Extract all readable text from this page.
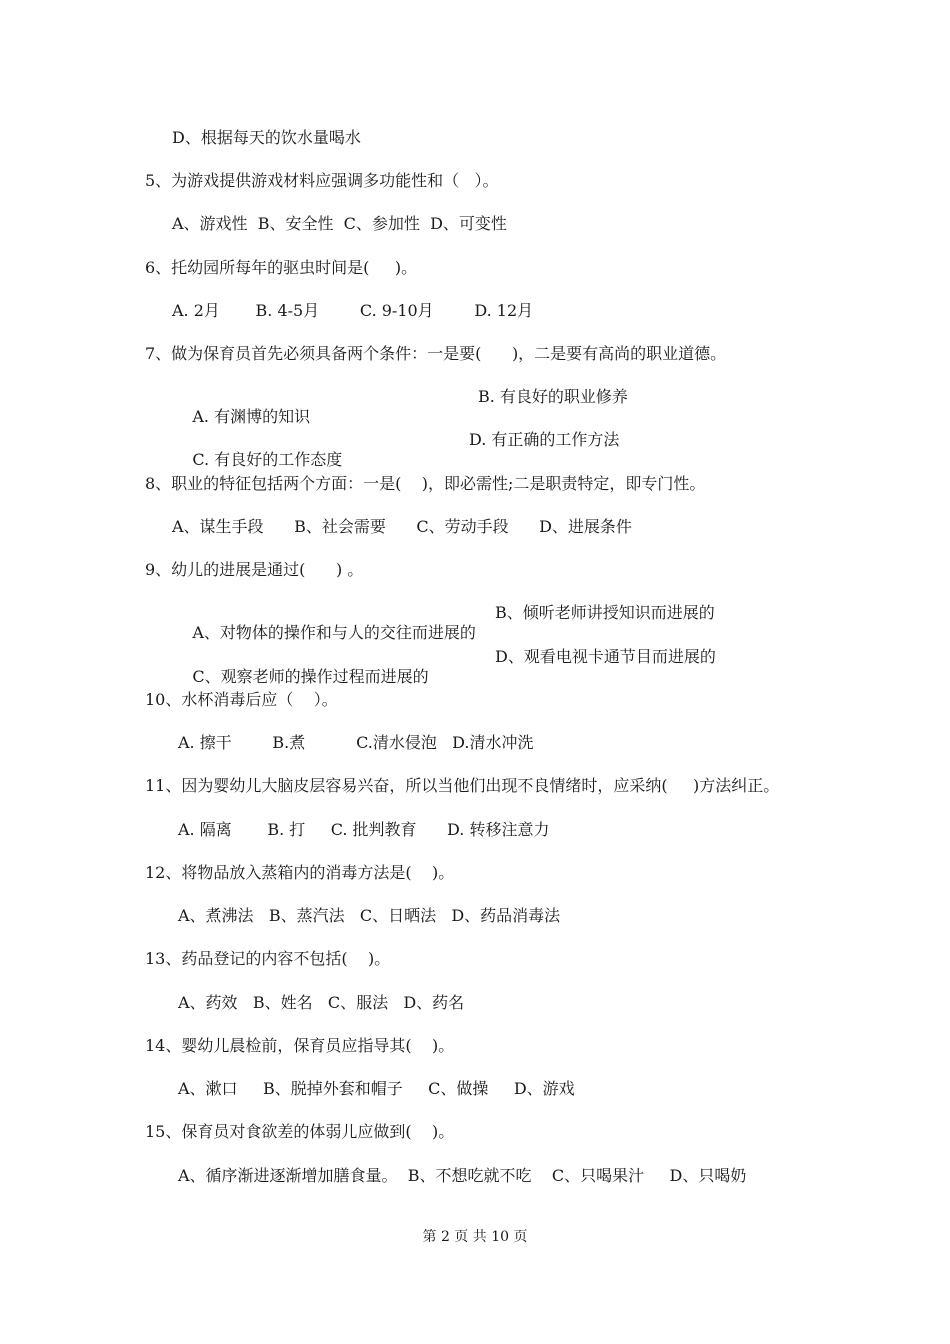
D、根据每天的饮水量喝水
5、为游戏提供游戏材料应强调多功能性和（   ）。
A、游戏性  B、安全性  C、参加性  D、可变性
6、托幼园所每年的驱虫时间是(     )。
A. 2月       B. 4-5月        C. 9-10月        D. 12月
7、做为保育员首先必须具备两个条件：一是要(      )，二是要有高尚的职业道德。

A. 有渊博的知识

B. 有良好的职业修养

C. 有良好的工作态度

D. 有正确的工作方法

8、职业的特征包括两个方面：一是(    )，即必需性;二是职责特定，即专门性。
A、谋生手段      B、社会需要      C、劳动手段      D、进展条件
9、幼儿的进展是通过(      ) 。

A、对物体的操作和与人的交往而进展的

B、倾听老师讲授知识而进展的

C、观察老师的操作过程而进展的

D、观看电视卡通节目而进展的

10、水杯消毒后应（    ）。
A. 擦干        B.煮          C.清水侵泡   D.清水冲洗
11、因为婴幼儿大脑皮层容易兴奋，所以当他们出现不良情绪时，应采纳(     )方法纠正。
A. 隔离       B. 打     C. 批判教育      D. 转移注意力
12、将物品放入蒸箱内的消毒方法是(    )。
A、煮沸法   B、蒸汽法   C、日晒法   D、药品消毒法
13、药品登记的内容不包括(    )。
A、药效   B、姓名   C、服法   D、药名
14、婴幼儿晨检前，保育员应指导其(    )。
A、漱口     B、脱掉外套和帽子     C、做操     D、游戏
15、保育员对食欲差的体弱儿应做到(    )。
A、循序渐进逐渐增加膳食量。  B、不想吃就不吃    C、只喝果汁     D、只喝奶
第 2 页 共 10 页
